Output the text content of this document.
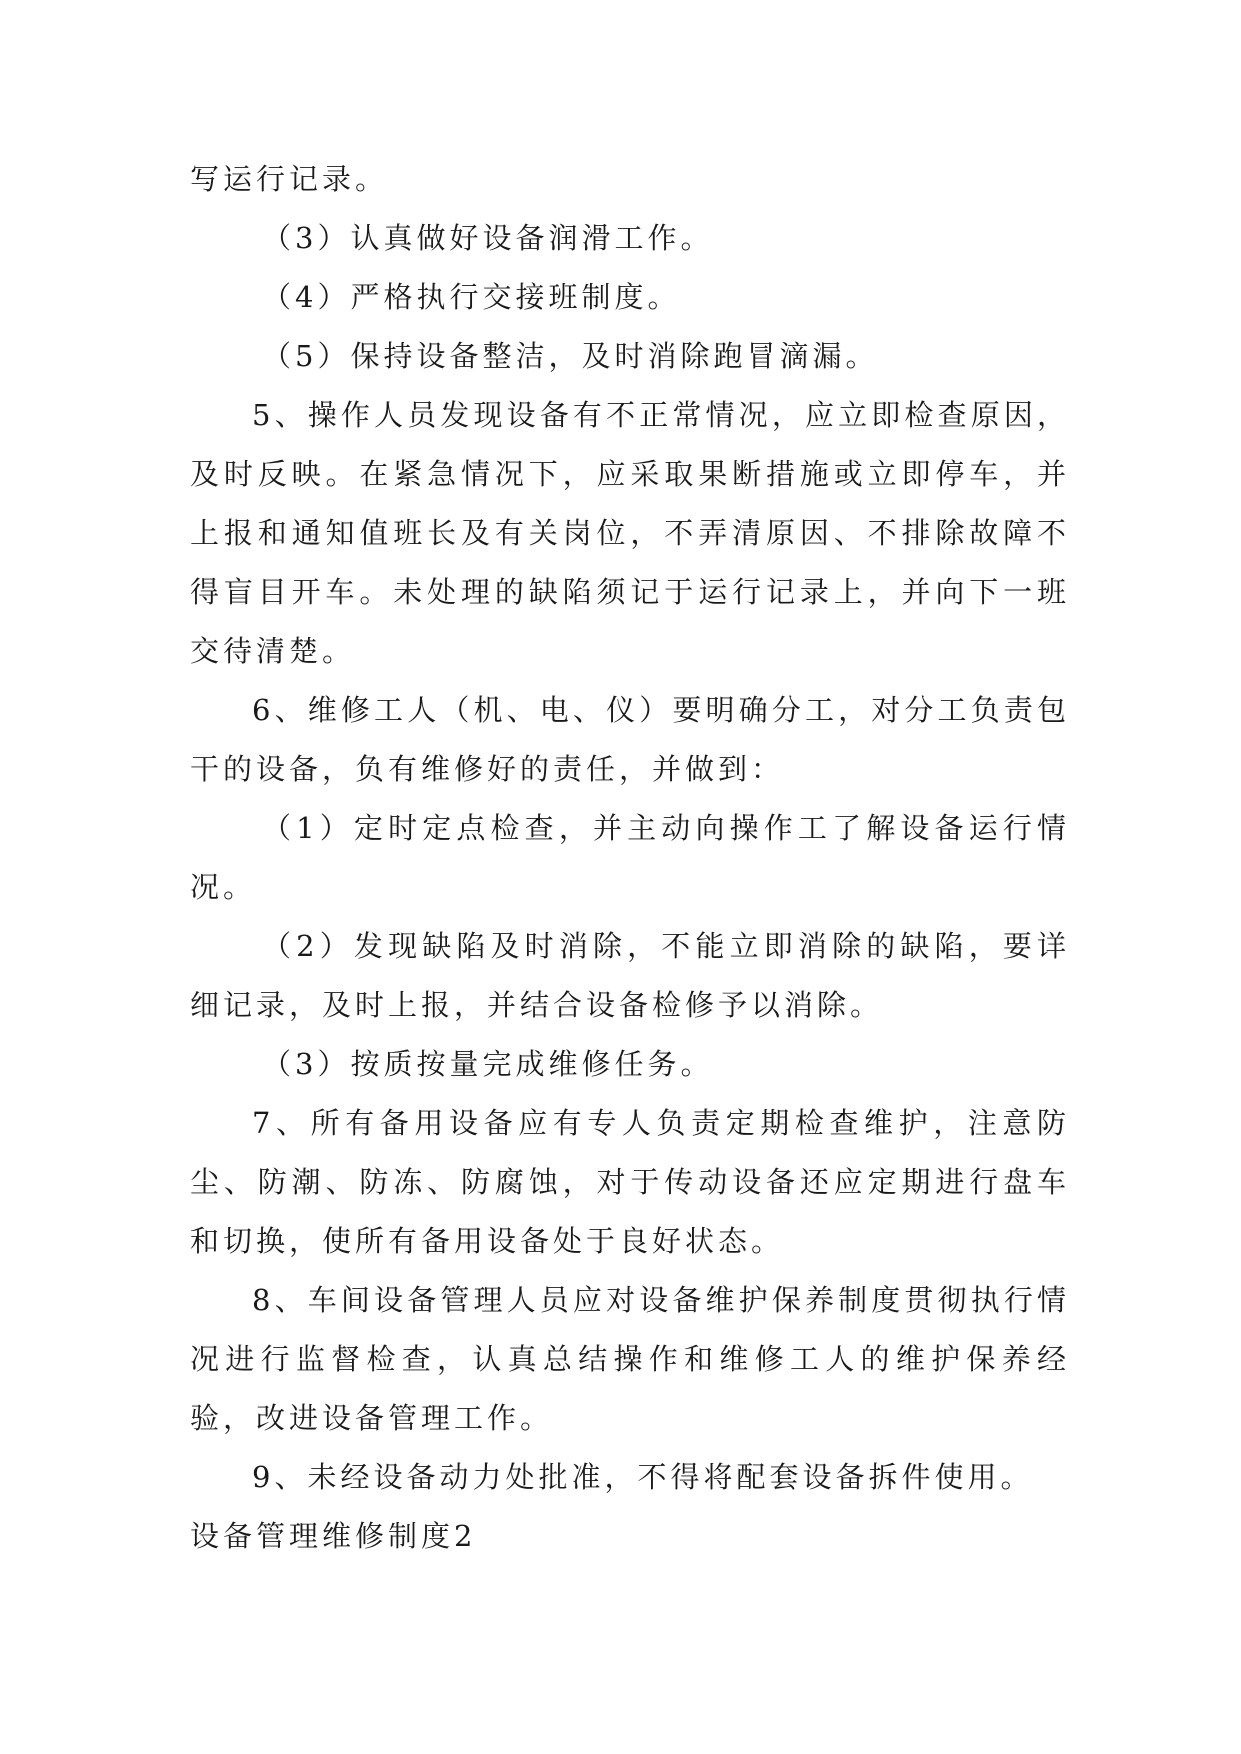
写运行记录。

（3）认真做好设备润滑工作。

（4）严格执行交接班制度。

（5）保持设备整洁，及时消除跑冒滴漏。

5、操作人员发现设备有不正常情况，应立即检查原因，及时反映。在紧急情况下，应采取果断措施或立即停车，并上报和通知值班长及有关岗位，不弄清原因、不排除故障不得盲目开车。未处理的缺陷须记于运行记录上，并向下一班交待清楚。

6、维修工人（机、电、仪）要明确分工，对分工负责包干的设备，负有维修好的责任，并做到：

（1）定时定点检查，并主动向操作工了解设备运行情况。

（2）发现缺陷及时消除，不能立即消除的缺陷，要详细记录，及时上报，并结合设备检修予以消除。

（3）按质按量完成维修任务。

7、所有备用设备应有专人负责定期检查维护，注意防尘、防潮、防冻、防腐蚀，对于传动设备还应定期进行盘车和切换，使所有备用设备处于良好状态。

8、车间设备管理人员应对设备维护保养制度贯彻执行情况进行监督检查，认真总结操作和维修工人的维护保养经验，改进设备管理工作。

9、未经设备动力处批准，不得将配套设备拆件使用。

设备管理维修制度2
